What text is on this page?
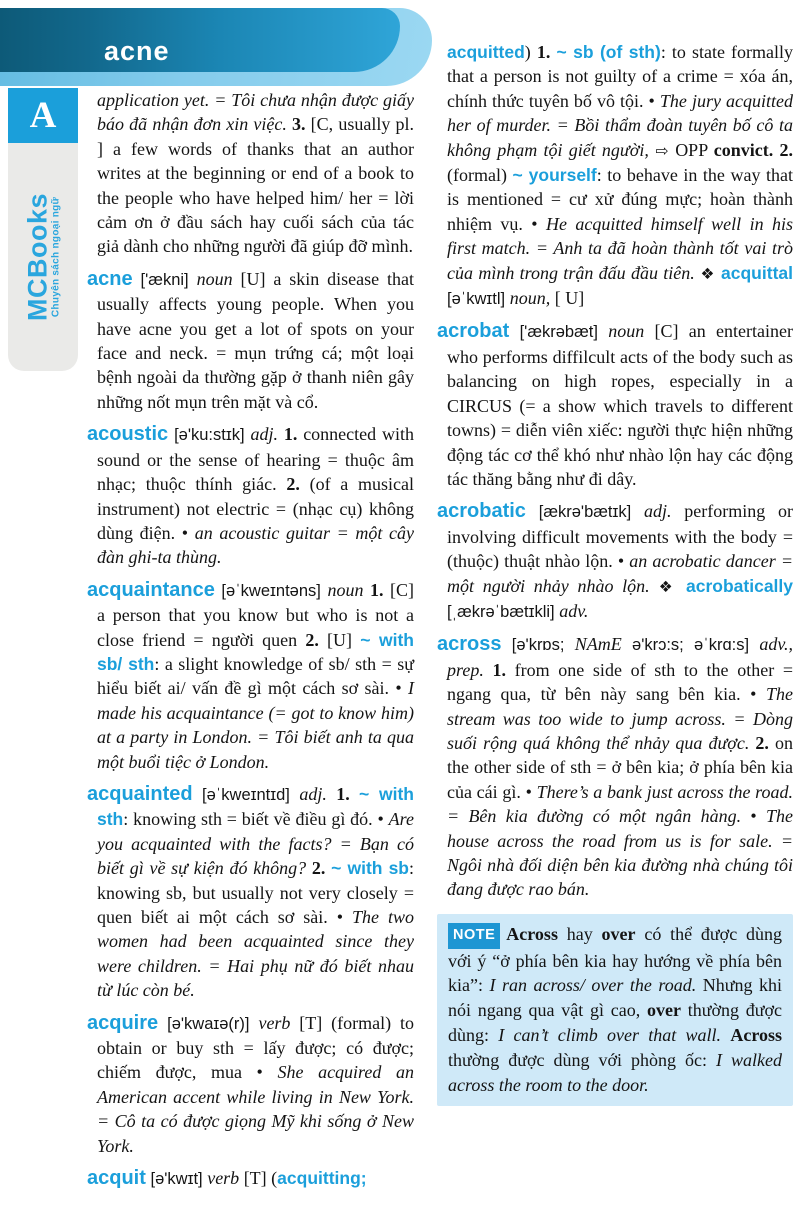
acne
A
MCBooks
Chuyên sách ngoại ngữ

application yet. = Tôi chưa nhận được giấy báo đã nhận đơn xin việc. 3. [C, usually pl. ] a few words of thanks that an author writes at the beginning or end of a book to the people who have helped him/ her = lời cảm ơn ở đầu sách hay cuối sách của tác giả dành cho những người đã giúp đỡ mình.

acne ['ækni] noun [U] a skin disease that usually affects young people. When you have acne you get a lot of spots on your face and neck. = mụn trứng cá; một loại bệnh ngoài da thường gặp ở thanh niên gây những nốt mụn trên mặt và cổ.

acoustic [ə'ku:stɪk] adj. 1. connected with sound or the sense of hearing = thuộc âm nhạc; thuộc thính giác. 2. (of a musical instrument) not electric = (nhạc cụ) không dùng điện. • an acoustic guitar = một cây đàn ghi-ta thùng.

acquaintance [əˈkweɪntəns] noun 1. [C] a person that you know but who is not a close friend = người quen 2. [U] ~ with sb/ sth: a slight knowledge of sb/ sth = sự hiểu biết ai/ vấn đề gì một cách sơ sài. • I made his acquaintance (= got to know him) at a party in London. = Tôi biết anh ta qua một buổi tiệc ở London.

acquainted [əˈkweɪntɪd] adj. 1. ~ with sth: knowing sth = biết về điều gì đó. • Are you acquainted with the facts? = Bạn có biết gì về sự kiện đó không? 2. ~ with sb: knowing sb, but usually not very closely = quen biết ai một cách sơ sài. • The two women had been acquainted since they were children. = Hai phụ nữ đó biết nhau từ lúc còn bé.

acquire [ə'kwaɪə(r)] verb [T] (formal) to obtain or buy sth = lấy được; có được; chiếm được, mua • She acquired an American accent while living in New York. = Cô ta có được giọng Mỹ khi sống ở New York.

acquit [ə'kwɪt] verb [T] (acquitting;

acquitted) 1. ~ sb (of sth): to state formally that a person is not guilty of a crime = xóa án, chính thức tuyên bố vô tội. • The jury acquitted her of murder. = Bồi thẩm đoàn tuyên bố cô ta không phạm tội giết người, ⇨ OPP convict. 2. (formal) ~ yourself: to behave in the way that is mentioned = cư xử đúng mực; hoàn thành nhiệm vụ. • He acquitted himself well in his first match. = Anh ta đã hoàn thành tốt vai trò của mình trong trận đấu đầu tiên. ❖ acquittal [əˈkwɪtl] noun, [ U]

acrobat ['ækrəbæt] noun [C] an entertainer who performs diffilcult acts of the body such as balancing on high ropes, especially in a CIRCUS (= a show which travels to different towns) = diễn viên xiếc: người thực hiện những động tác cơ thể khó như nhào lộn hay các động tác thăng bằng như đi dây.

acrobatic [ækrə'bætɪk] adj. performing or involving difficult movements with the body = (thuộc) thuật nhào lộn. • an acrobatic dancer = một người nhảy nhào lộn. ❖ acrobatically [ˌækrəˈbætɪkli] adv.

across [ə'krɒs; NAmE ə'krɔ:s; əˈkrɑ:s] adv., prep. 1. from one side of sth to the other = ngang qua, từ bên này sang bên kia. • The stream was too wide to jump across. = Dòng suối rộng quá không thể nhảy qua được. 2. on the other side of sth = ở bên kia; ở phía bên kia của cái gì. • There’s a bank just across the road. = Bên kia đường có một ngân hàng. • The house across the road from us is for sale. = Ngôi nhà đối diện bên kia đường nhà chúng tôi đang được rao bán.

NOTE Across hay over có thể được dùng với ý “ở phía bên kia hay hướng về phía bên kia”: I ran across/ over the road. Nhưng khi nói ngang qua vật gì cao, over thường được dùng: I can’t climb over that wall. Across thường được dùng với phòng ốc: I walked across the room to the door.
